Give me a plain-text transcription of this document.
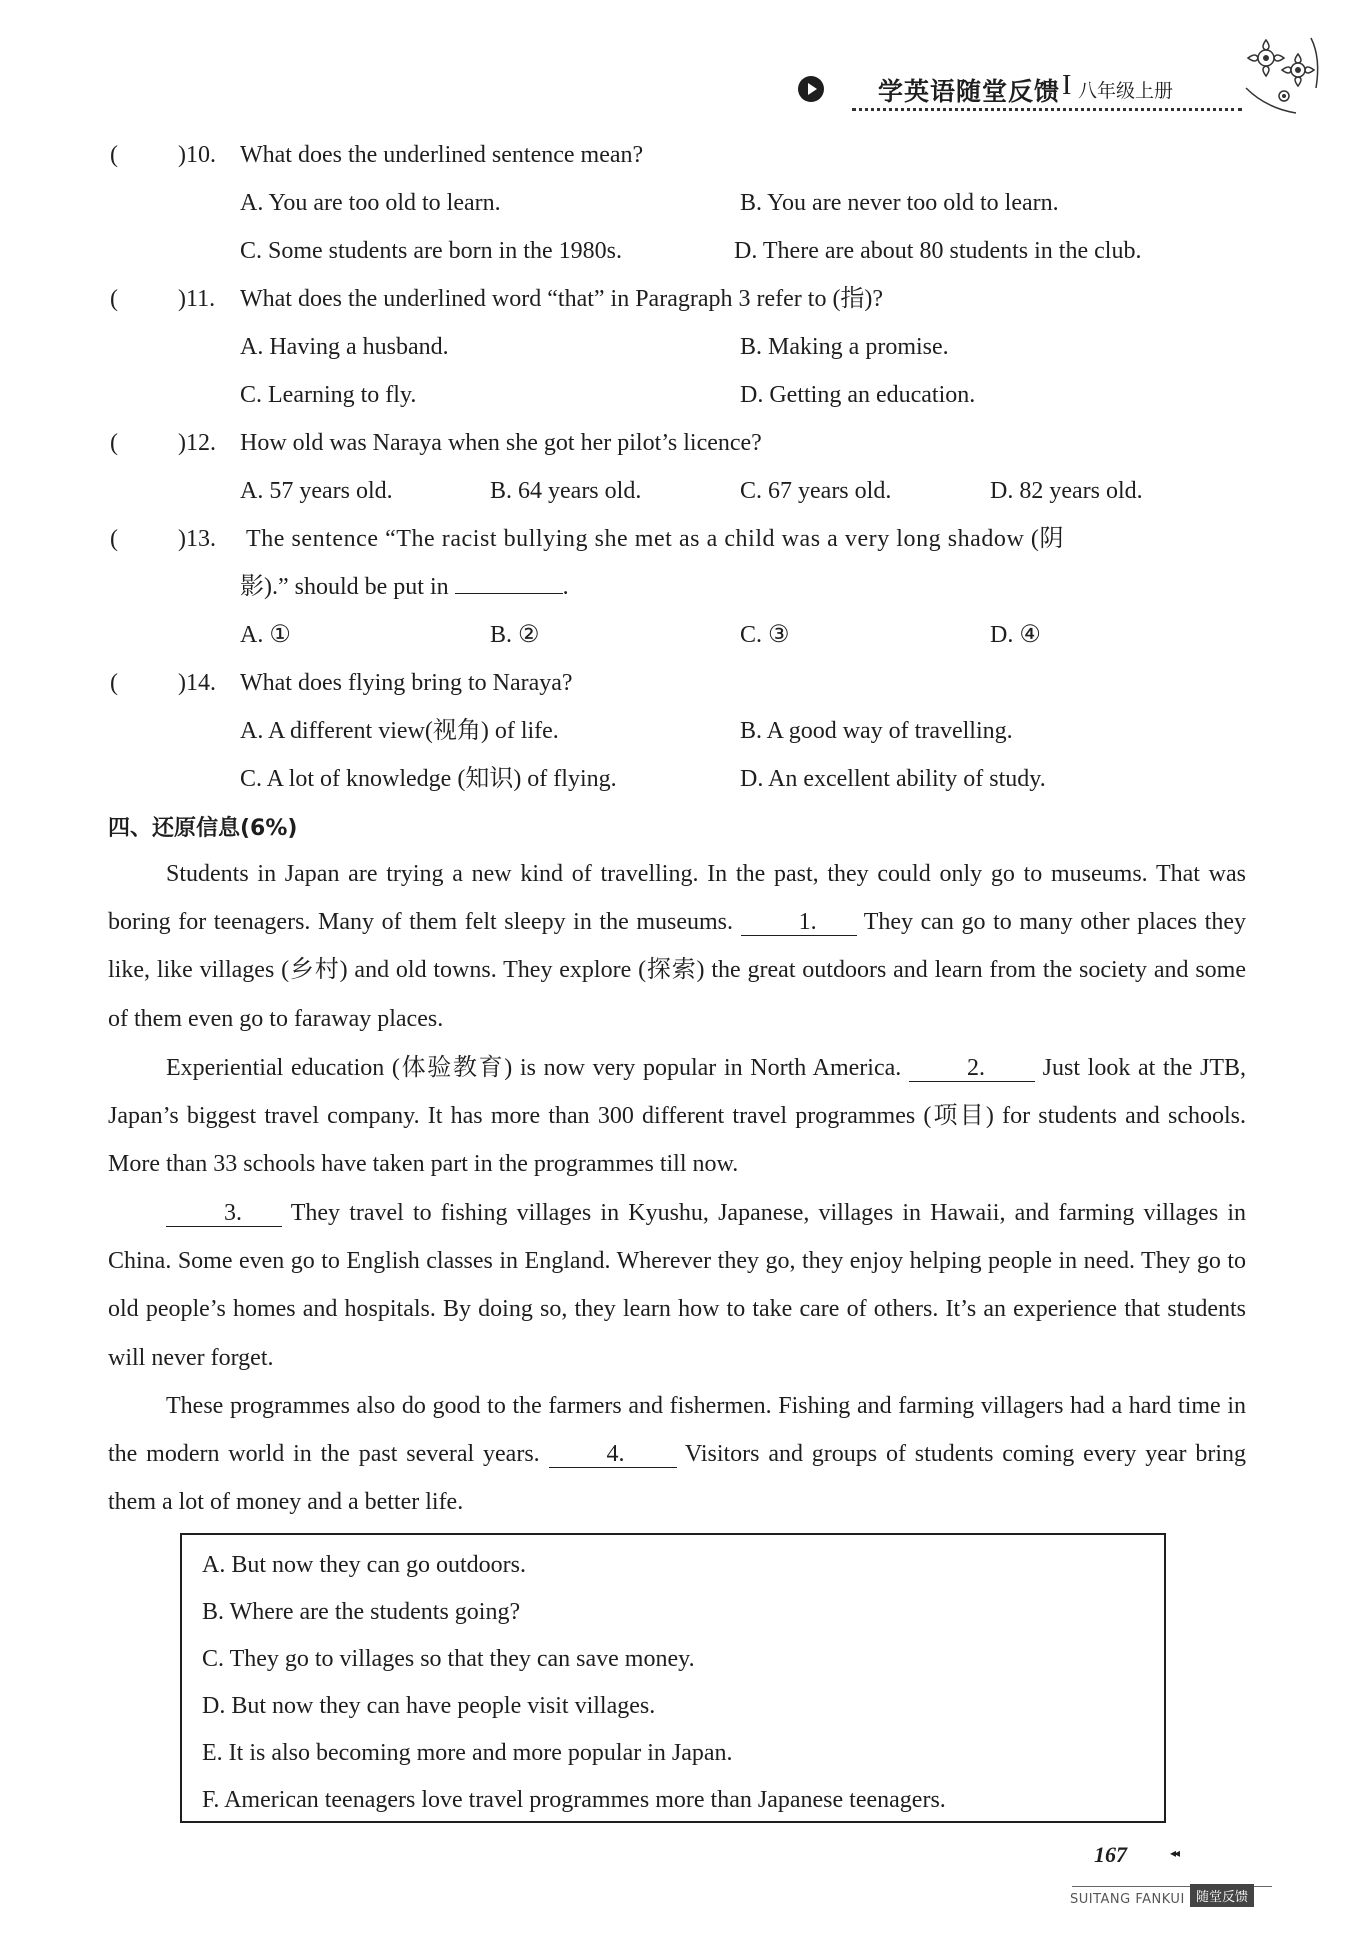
学英语随堂反馈 I 八年级上册
(	)10. What does the underlined sentence mean?
A. You are too old to learn.	B. You are never too old to learn.
C. Some students are born in the 1980s.	D. There are about 80 students in the club.
(	)11. What does the underlined word “that” in Paragraph 3 refer to (指)?
A. Having a husband.	B. Making a promise.
C. Learning to fly.	D. Getting an education.
(	)12. How old was Naraya when she got her pilot’s licence?
A. 57 years old.	B. 64 years old.	C. 67 years old.	D. 82 years old.
(	)13. The sentence “The racist bullying she met as a child was a very long shadow (阴
影).” should be put in	.
A. ①	B. ②	C. ③	D. ④
(	)14. What does flying bring to Naraya?
A. A different view(视角) of life.	B. A good way of travelling.
C. A lot of knowledge (知识) of flying.	D. An excellent ability of study.
四、还原信息(6%)
Students in Japan are trying a new kind of travelling. In the past, they could only go to museums. That was boring for teenagers. Many of them felt sleepy in the museums.	1. They can go to many other places they like, like villages (乡村) and old towns. They explore (探索) the great outdoors and learn from the society and some of them even go to faraway places.
Experiential education (体验教育) is now very popular in North America.	2. Just look at the JTB, Japan’s biggest travel company. It has more than 300 different travel programmes (项目) for students and schools. More than 33 schools have taken part in the programmes till now.
3. They travel to fishing villages in Kyushu, Japanese, villages in Hawaii, and farming villages in China. Some even go to English classes in England. Wherever they go, they enjoy helping people in need. They go to old people’s homes and hospitals. By doing so, they learn how to take care of others. It’s an experience that students will never forget.
These programmes also do good to the farmers and fishermen. Fishing and farming villagers had a hard time in the modern world in the past several years.	4.	Visitors and groups of students coming every year bring them a lot of money and a better life.
A. But now they can go outdoors.
B. Where are the students going?
C. They go to villages so that they can save money.
D. But now they can have people visit villages.
E. It is also becoming more and more popular in Japan.
F. American teenagers love travel programmes more than Japanese teenagers.
167	◂◂
SUITANG FANKUI 随堂反馈
